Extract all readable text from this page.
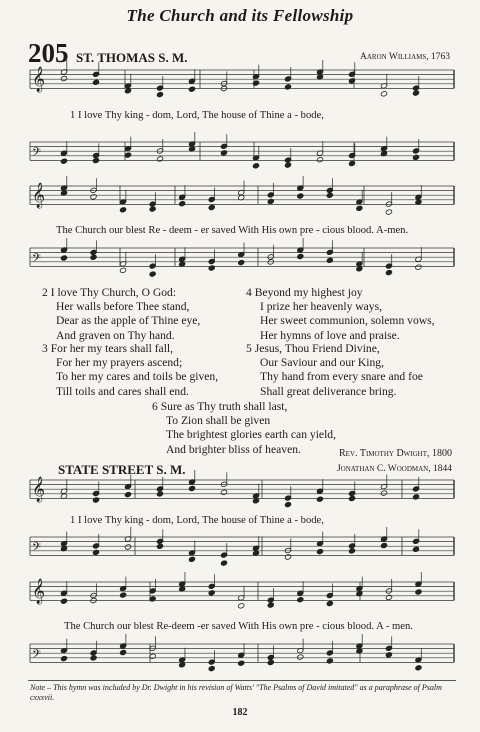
The Church and its Fellowship
205 ST. THOMAS S. M.	Aaron Williams, 1763
𝄞
1 I love Thy king - dom, Lord, The house of Thine a - bode,
𝄢
𝄞
The Church our blest Re - deem - er saved With His own pre - cious blood. A-men.
𝄢
2 I love Thy Church, O God:
Her walls before Thee stand,
Dear as the apple of Thine eye,
And graven on Thy hand.
4 Beyond my highest joy
I prize her heavenly ways,
Her sweet communion, solemn vows,
Her hymns of love and praise.
3 For her my tears shall fall,
For her my prayers ascend;
To her my cares and toils be given,
Till toils and cares shall end.
5 Jesus, Thou Friend Divine,
Our Saviour and our King,
Thy hand from every snare and foe
Shall great deliverance bring.
6 Sure as Thy truth shall last,
To Zion shall be given
The brightest glories earth can yield,
And brighter bliss of heaven.	Rev. Timothy Dwight, 1800
STATE STREET S. M.	Jonathan C. Woodman, 1844
𝄞
1 I love Thy king - dom, Lord, The house of Thine a - bode,
𝄢
𝄞
The Church our blest Re-deem -er saved With His own pre - cious blood. A - men.
𝄢
Note – This hymn was included by Dr. Dwight in his revision of Watts' "The Psalms of David imitated" as a paraphrase of Psalm cxxxvii.
182
